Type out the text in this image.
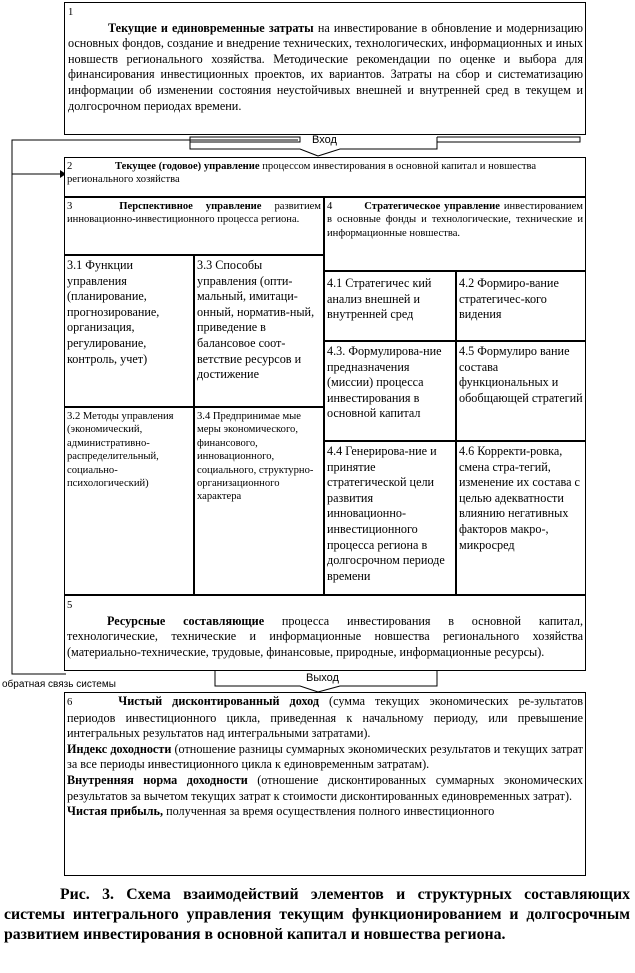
1
Текущие и единовременные затраты на инвестирование в обновление и модернизацию основных фондов, создание и внедрение технических, технологических, информационных и иных новшеств регионального хозяйства. Методические рекомендации по оценке и выбора для финансирования инвестиционных проектов, их вариантов. Затраты на сбор и систематизацию информации об изменении состояния неустойчивых внешней и внутренней сред в текущем и долгосрочном периодах времени.
Вход
2	Текущее (годовое) управление процессом инвестирования в основной капитал и новшества регионального хозяйства
3	Перспективное управление развитием инновационно-инвестиционного процесса региона.
4	Стратегическое управление инвестированием в основные фонды и технологические, технические и информационные новшества.
3.1 Функции управления (планирование, прогнозирование, организация, регулирование, контроль, учет)
3.3 Способы управления (опти-мальный, имитаци-онный, норматив-ный, приведение в балансовое соот-ветствие ресурсов и достижение
3.2 Методы управления (экономический, административно-распределительный, социально-психологический)
3.4 Предпринимае мые меры экономического, финансового, инновационного, социального, структурно-организационного характера
4.1 Стратегичес кий анализ внешней и внутренней сред
4.2 Формиро-вание стратегичес-кого видения
4.3. Формулирова-ние предназначения (миссии) процесса инвестирования в основной капитал
4.5 Формулиро вание состава функциональных и обобщающей стратегий
4.4 Генерирова-ние и принятие стратегической цели развития инновационно-инвестиционного процесса региона в долгосрочном периоде времени
4.6 Корректи-ровка, смена стра-тегий, изменение их состава с целью адекватности влиянию негативных факторов макро-, микросред
5
Ресурсные составляющие процесса инвестирования в основной капитал, технологические, технические и информационные новшества регионального хозяйства (материально-технические, трудовые, финансовые, природные, информационные ресурсы).
Выход
обратная связь системы
6	Чистый дисконтированный доход (сумма текущих экономических ре-зультатов периодов инвестиционного цикла, приведенная к начальному периоду, или превышение интегральных результатов над интегральными затратами).
Индекс доходности (отношение разницы суммарных экономических результатов и текущих затрат за все периоды инвестиционного цикла к единовременным затратам).
Внутренняя норма доходности (отношение дисконтированных суммарных экономических результатов за вычетом текущих затрат к стоимости дисконтированных единовременных затрат).
Чистая прибыль, полученная за время осуществления полного инвестиционного
Рис. 3. Схема взаимодействий элементов и структурных составляющих системы интегрального управления текущим функционированием и долгосрочным развитием инвестирования в основной капитал и новшества региона.
